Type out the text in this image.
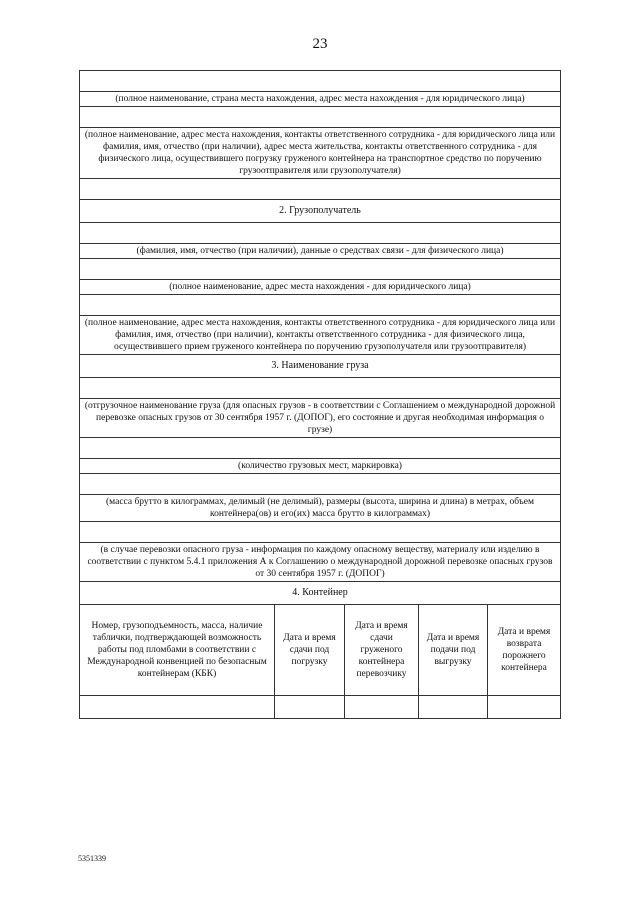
23

(полное наименование, страна места нахождения, адрес места нахождения - для юридического лица)				

(полное наименование, адрес места нахождения, контакты ответственного сотрудника - для юридического лица или фамилия, имя, отчество (при наличии), адрес места жительства, контакты ответственного сотрудника - для физического лица, осуществившего погрузку груженого контейнера на транспортное средство по поручению грузоотправителя или грузополучателя)				

2. Грузополучатель				

(фамилия, имя, отчество (при наличии), данные о средствах связи - для физического лица)				

(полное наименование, адрес места нахождения - для юридического лица)				

(полное наименование, адрес места нахождения, контакты ответственного сотрудника - для юридического лица или фамилия, имя, отчество (при наличии), контакты ответственного сотрудника - для физического лица, осуществившего прием груженого контейнера по поручению грузополучателя или грузоотправителя)				
3. Наименование груза				

(отгрузочное наименование груза (для опасных грузов - в соответствии с Соглашением о международной дорожной перевозке опасных грузов от 30 сентября 1957 г. (ДОПОГ), его состояние и другая необходимая информация о грузе)				

(количество грузовых мест, маркировка)				

(масса брутто в килограммах, делимый (не делимый), размеры (высота, ширина и длина) в метрах, объем контейнера(ов) и его(их) масса брутто в килограммах)				

(в случае перевозки опасного груза - информация по каждому опасному веществу, материалу или изделию в соответствии с пунктом 5.4.1 приложения А к Соглашению о международной дорожной перевозке опасных грузов от 30 сентября 1957 г. (ДОПОГ)				
4. Контейнер				
Номер, грузоподъемность, масса, наличие таблички, подтверждающей возможность работы под пломбами в соответствии с Международной конвенцией по безопасным контейнерам (КБК)	Дата и время сдачи под погрузку	Дата и время сдачи груженого контейнера перевозчику	Дата и время подачи под выгрузку	Дата и время возврата порожнего контейнера

5351339
